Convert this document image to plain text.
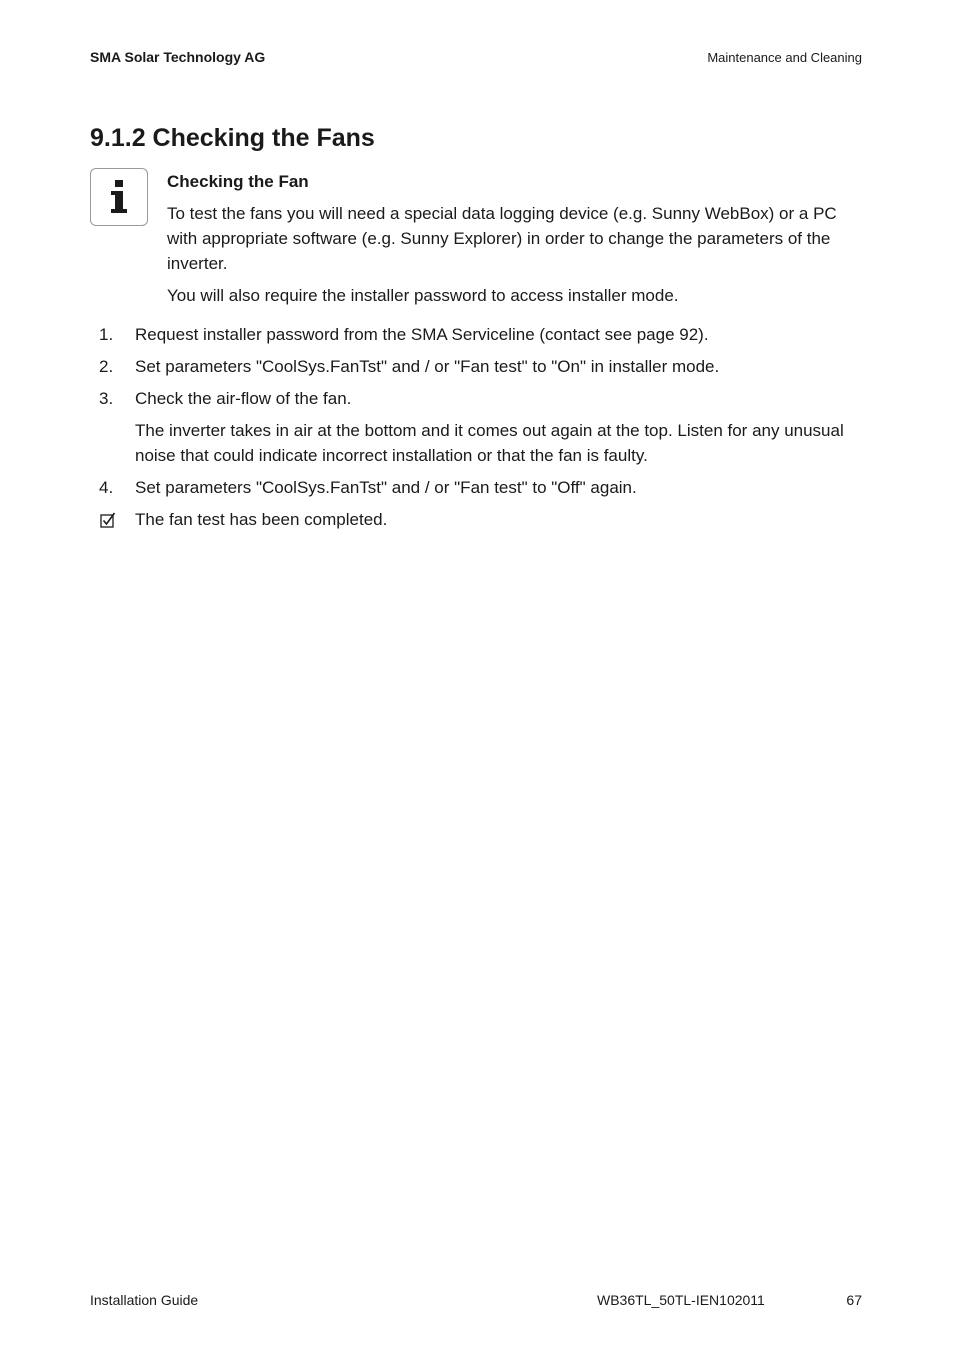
SMA Solar Technology AG	Maintenance and Cleaning
9.1.2 Checking the Fans
Checking the Fan

To test the fans you will need a special data logging device (e.g. Sunny WebBox) or a PC with appropriate software (e.g. Sunny Explorer) in order to change the parameters of the inverter.

You will also require the installer password to access installer mode.

1.	Request installer password from the SMA Serviceline (contact see page 92).
2.	Set parameters "CoolSys.FanTst" and / or "Fan test" to "On" in installer mode.
3.	Check the air-flow of the fan.
The inverter takes in air at the bottom and it comes out again at the top. Listen for any unusual noise that could indicate incorrect installation or that the fan is faulty.
4.	Set parameters "CoolSys.FanTst" and / or "Fan test" to "Off" again.
The fan test has been completed.
Installation Guide	WB36TL_50TL-IEN102011	67
